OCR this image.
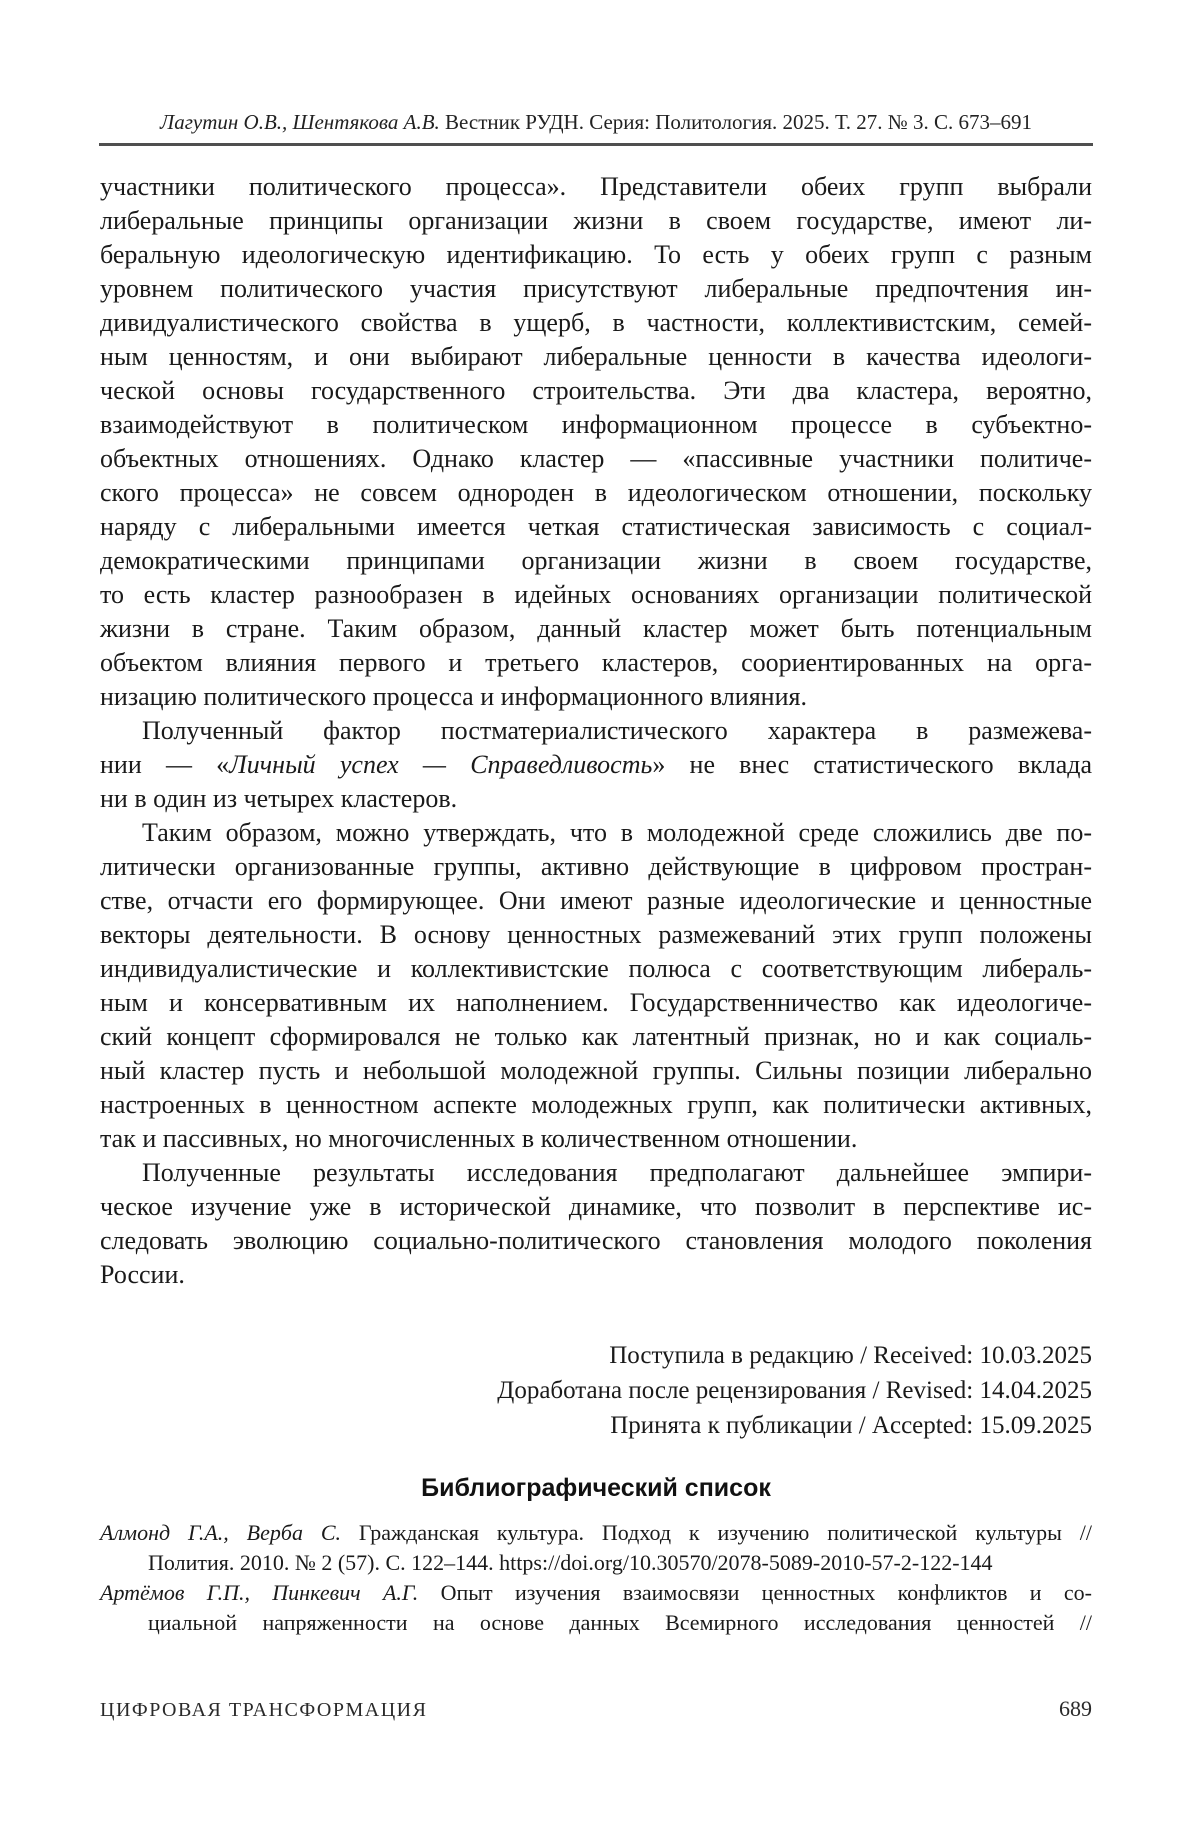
Лагутин О.В., Шентякова А.В. Вестник РУДН. Серия: Политология. 2025. Т. 27. № 3. С. 673–691
участники политического процесса». Представители обеих групп выбрали
либеральные принципы организации жизни в своем государстве, имеют ли-
беральную идеологическую идентификацию. То есть у обеих групп с разным
уровнем политического участия присутствуют либеральные предпочтения ин-
дивидуалистического свойства в ущерб, в частности, коллективистским, семей-
ным ценностям, и они выбирают либеральные ценности в качества идеологи-
ческой основы государственного строительства. Эти два кластера, вероятно,
взаимодействуют в политическом информационном процессе в субъектно-
объектных отношениях. Однако кластер — «пассивные участники политиче-
ского процесса» не совсем однороден в идеологическом отношении, поскольку
наряду с либеральными имеется четкая статистическая зависимость с социал-
демократическими принципами организации жизни в своем государстве,
то есть кластер разнообразен в идейных основаниях организации политической
жизни в стране. Таким образом, данный кластер может быть потенциальным
объектом влияния первого и третьего кластеров, соориентированных на орга-
низацию политического процесса и информационного влияния.
Полученный фактор постматериалистического характера в размежева-
нии — «Личный успех — Справедливость» не внес статистического вклада
ни в один из четырех кластеров.
Таким образом, можно утверждать, что в молодежной среде сложились две по-
литически организованные группы, активно действующие в цифровом простран-
стве, отчасти его формирующее. Они имеют разные идеологические и ценностные
векторы деятельности. В основу ценностных размежеваний этих групп положены
индивидуалистические и коллективистские полюса с соответствующим либераль-
ным и консервативным их наполнением. Государственничество как идеологиче-
ский концепт сформировался не только как латентный признак, но и как социаль-
ный кластер пусть и небольшой молодежной группы. Сильны позиции либерально
настроенных в ценностном аспекте молодежных групп, как политически активных,
так и пассивных, но многочисленных в количественном отношении.
Полученные результаты исследования предполагают дальнейшее эмпири-
ческое изучение уже в исторической динамике, что позволит в перспективе ис-
следовать эволюцию социально-политического становления молодого поколения
России.
Поступила в редакцию / Received: 10.03.2025
Доработана после рецензирования / Revised: 14.04.2025
Принята к публикации / Accepted: 15.09.2025
Библиографический список
Алмонд Г.А., Верба С. Гражданская культура. Подход к изучению политической культуры //
Полития. 2010. № 2 (57). С. 122–144. https://doi.org/10.30570/2078-5089-2010-57-2-122-144
Артёмов Г.П., Пинкевич А.Г. Опыт изучения взаимосвязи ценностных конфликтов и со-
циальной напряженности на основе данных Всемирного исследования ценностей //
ЦИФРОВАЯ ТРАНСФОРМАЦИЯ	689
